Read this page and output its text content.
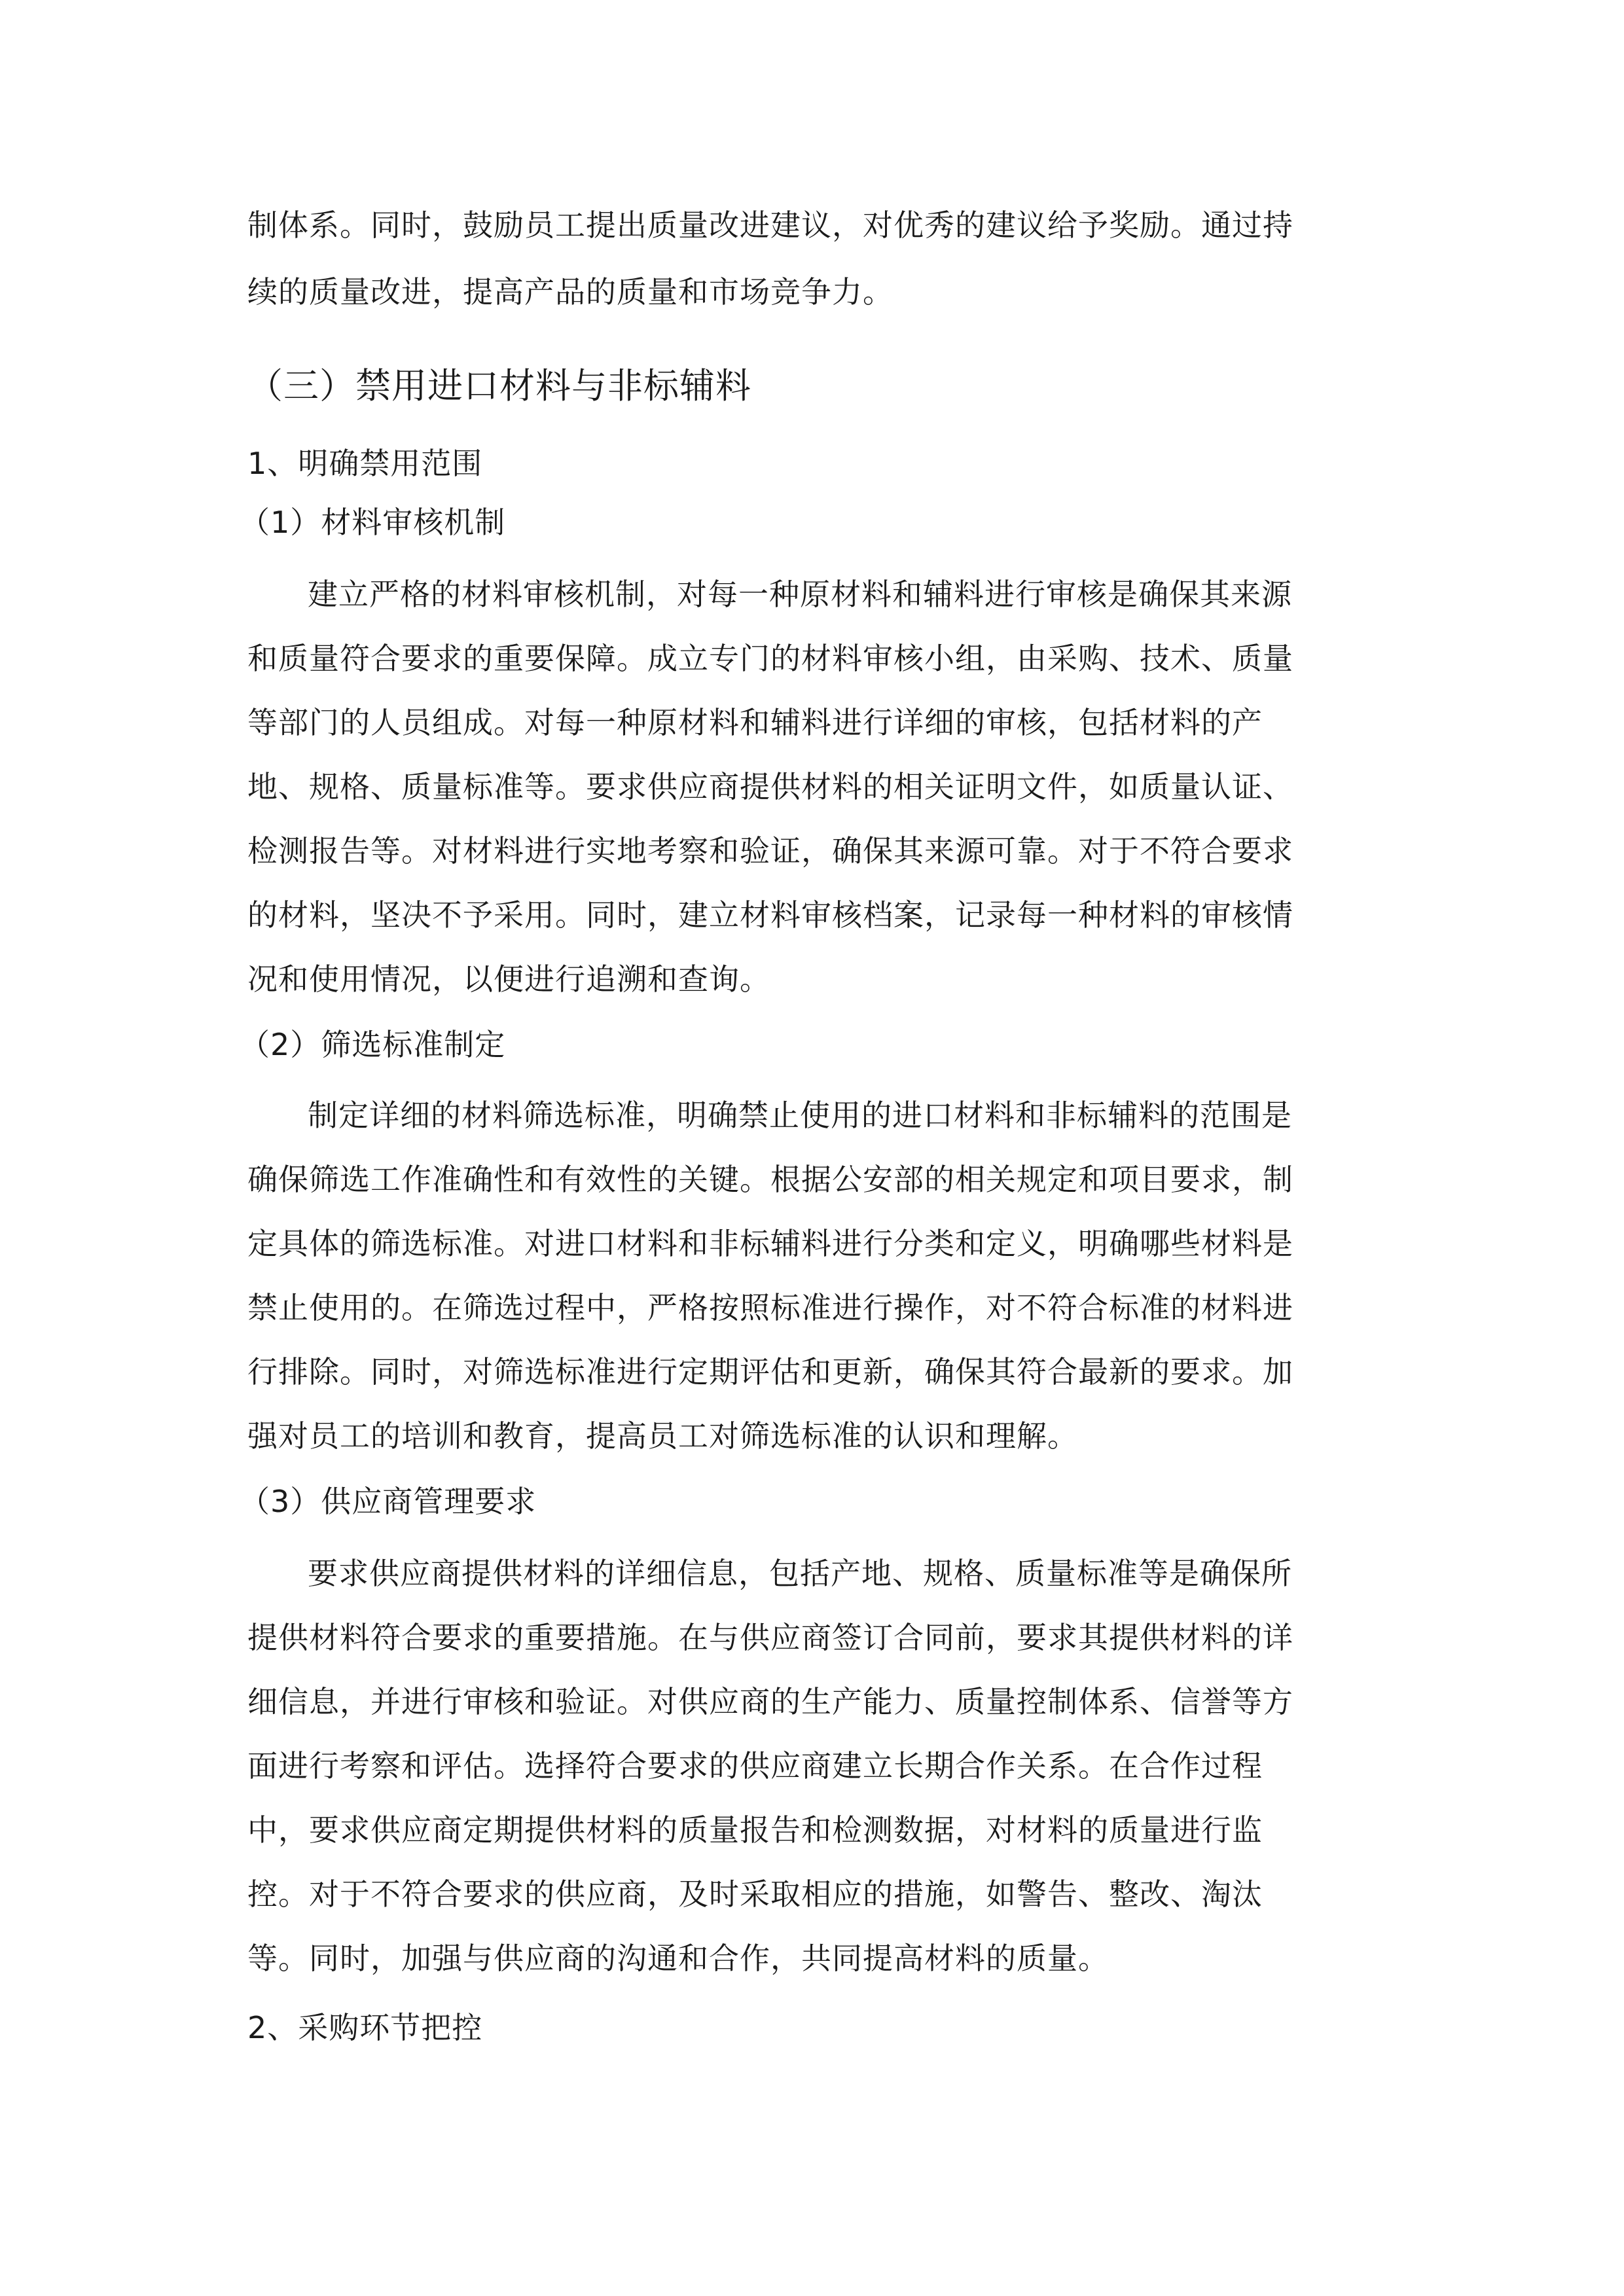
制体系。同时，鼓励员工提出质量改进建议，对优秀的建议给予奖励。通过持
续的质量改进，提高产品的质量和市场竞争力。
（三）禁用进口材料与非标辅料
1、明确禁用范围
（1）材料审核机制
建立严格的材料审核机制，对每一种原材料和辅料进行审核是确保其来源
和质量符合要求的重要保障。成立专门的材料审核小组，由采购、技术、质量
等部门的人员组成。对每一种原材料和辅料进行详细的审核，包括材料的产
地、规格、质量标准等。要求供应商提供材料的相关证明文件，如质量认证、
检测报告等。对材料进行实地考察和验证，确保其来源可靠。对于不符合要求
的材料，坚决不予采用。同时，建立材料审核档案，记录每一种材料的审核情
况和使用情况，以便进行追溯和查询。
（2）筛选标准制定
制定详细的材料筛选标准，明确禁止使用的进口材料和非标辅料的范围是
确保筛选工作准确性和有效性的关键。根据公安部的相关规定和项目要求，制
定具体的筛选标准。对进口材料和非标辅料进行分类和定义，明确哪些材料是
禁止使用的。在筛选过程中，严格按照标准进行操作，对不符合标准的材料进
行排除。同时，对筛选标准进行定期评估和更新，确保其符合最新的要求。加
强对员工的培训和教育，提高员工对筛选标准的认识和理解。
（3）供应商管理要求
要求供应商提供材料的详细信息，包括产地、规格、质量标准等是确保所
提供材料符合要求的重要措施。在与供应商签订合同前，要求其提供材料的详
细信息，并进行审核和验证。对供应商的生产能力、质量控制体系、信誉等方
面进行考察和评估。选择符合要求的供应商建立长期合作关系。在合作过程
中，要求供应商定期提供材料的质量报告和检测数据，对材料的质量进行监
控。对于不符合要求的供应商，及时采取相应的措施，如警告、整改、淘汰
等。同时，加强与供应商的沟通和合作，共同提高材料的质量。
2、采购环节把控
